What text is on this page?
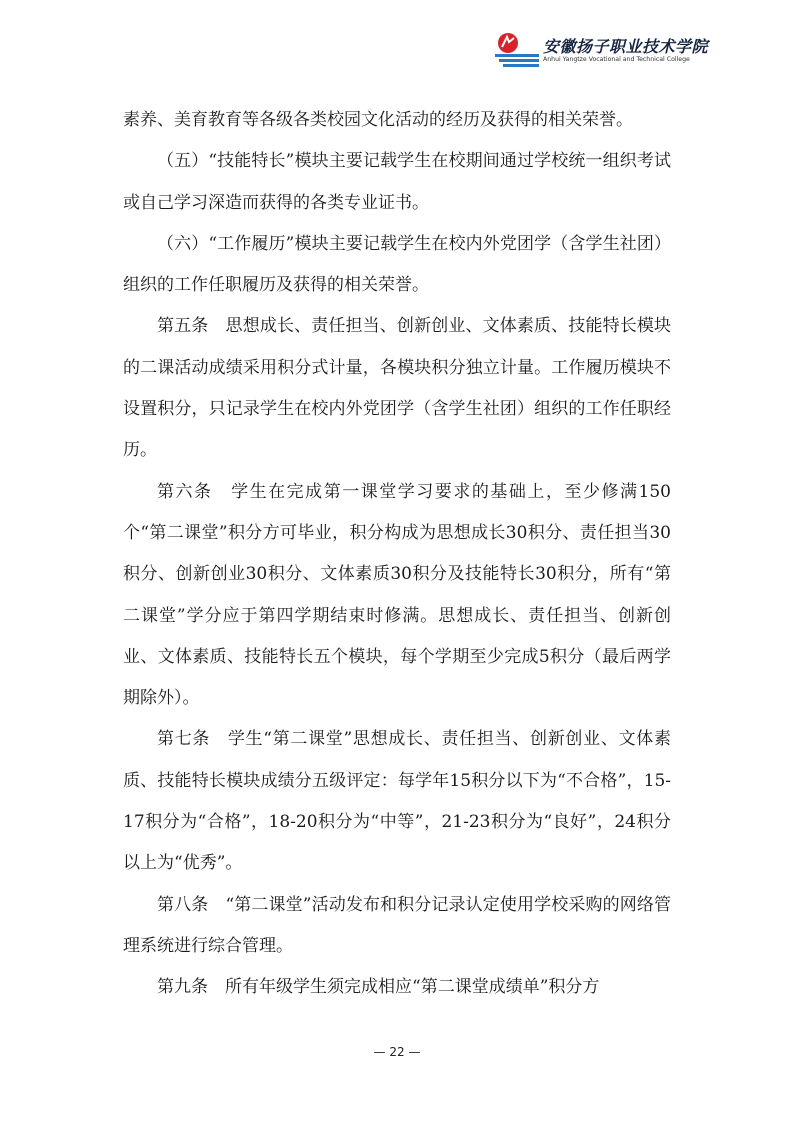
安徽扬子职业技术学院
Anhui Yangtze Vocational and Technical College

素养、美育教育等各级各类校园文化活动的经历及获得的相关荣誉。

（五）“技能特长”模块主要记载学生在校期间通过学校统一组织考试或自己学习深造而获得的各类专业证书。

（六）“工作履历”模块主要记载学生在校内外党团学（含学生社团）组织的工作任职履历及获得的相关荣誉。

第五条　思想成长、责任担当、创新创业、文体素质、技能特长模块的二课活动成绩采用积分式计量，各模块积分独立计量。工作履历模块不设置积分，只记录学生在校内外党团学（含学生社团）组织的工作任职经历。

第六条　学生在完成第一课堂学习要求的基础上，至少修满150个“第二课堂”积分方可毕业，积分构成为思想成长30积分、责任担当30积分、创新创业30积分、文体素质30积分及技能特长30积分，所有“第二课堂”学分应于第四学期结束时修满。思想成长、责任担当、创新创业、文体素质、技能特长五个模块，每个学期至少完成5积分（最后两学期除外）。

第七条　学生“第二课堂”思想成长、责任担当、创新创业、文体素质、技能特长模块成绩分五级评定：每学年15积分以下为“不合格”，15-17积分为“合格”，18-20积分为“中等”，21-23积分为“良好”，24积分以上为“优秀”。

第八条　“第二课堂”活动发布和积分记录认定使用学校采购的网络管理系统进行综合管理。

第九条　所有年级学生须完成相应“第二课堂成绩单”积分方

— 22 —
